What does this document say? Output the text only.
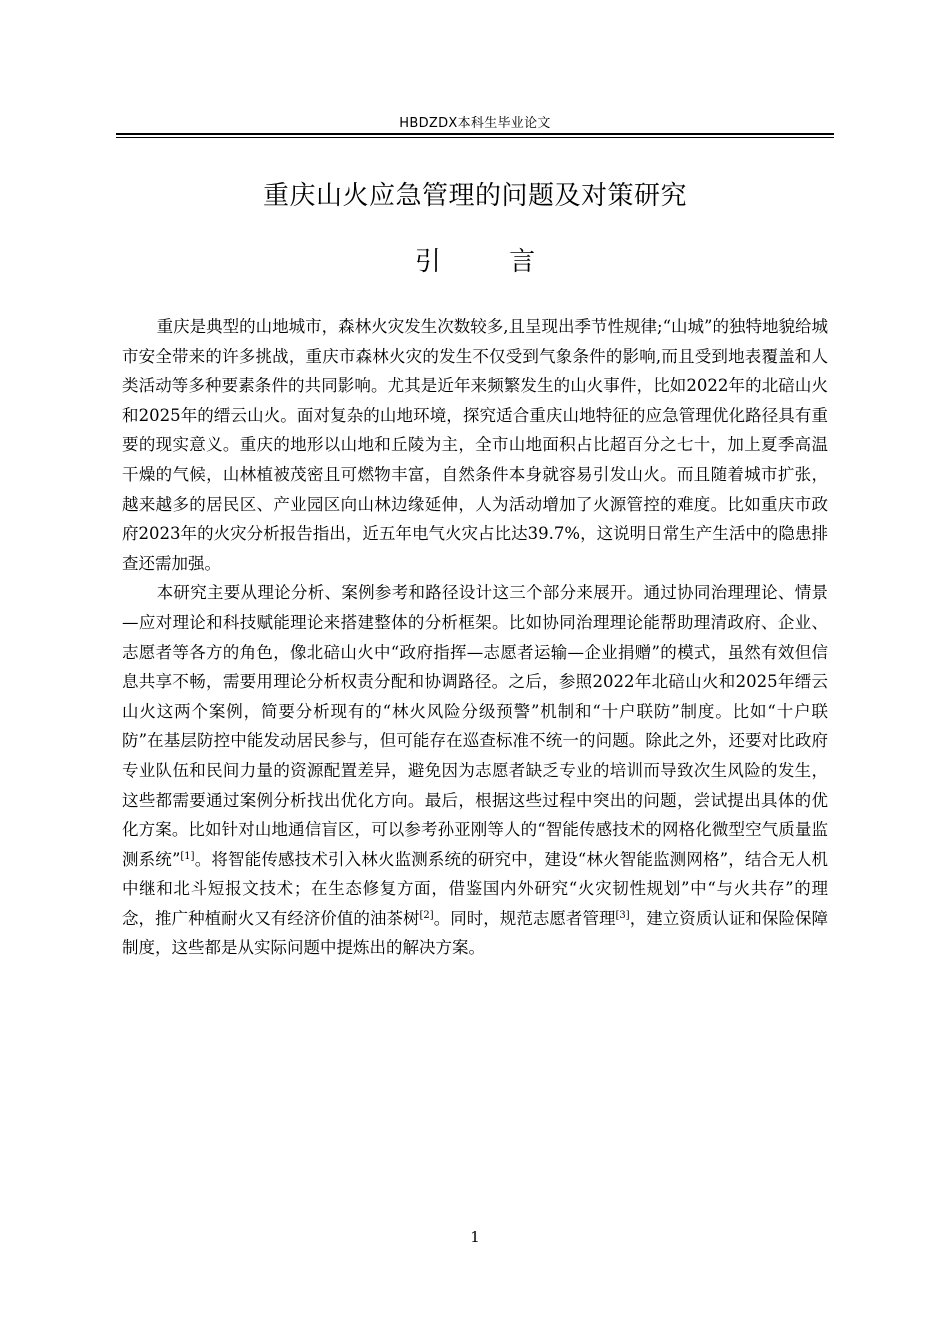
HBDZDX本科生毕业论文
重庆山火应急管理的问题及对策研究
引 言

重庆是典型的山地城市，森林火灾发生次数较多,且呈现出季节性规律;“山城”的独特地貌给城市安全带来的许多挑战，重庆市森林火灾的发生不仅受到气象条件的影响,而且受到地表覆盖和人类活动等多种要素条件的共同影响。尤其是近年来频繁发生的山火事件，比如2022年的北碚山火和2025年的缙云山火。面对复杂的山地环境，探究适合重庆山地特征的应急管理优化路径具有重要的现实意义。重庆的地形以山地和丘陵为主，全市山地面积占比超百分之七十，加上夏季高温干燥的气候，山林植被茂密且可燃物丰富，自然条件本身就容易引发山火。而且随着城市扩张，越来越多的居民区、产业园区向山林边缘延伸，人为活动增加了火源管控的难度。比如重庆市政府2023年的火灾分析报告指出，近五年电气火灾占比达39.7%，这说明日常生产生活中的隐患排查还需加强。

本研究主要从理论分析、案例参考和路径设计这三个部分来展开。通过协同治理理论、情景—应对理论和科技赋能理论来搭建整体的分析框架。比如协同治理理论能帮助理清政府、企业、志愿者等各方的角色，像北碚山火中“政府指挥—志愿者运输—企业捐赠”的模式，虽然有效但信息共享不畅，需要用理论分析权责分配和协调路径。之后，参照2022年北碚山火和2025年缙云山火这两个案例，简要分析现有的“林火风险分级预警”机制和“十户联防”制度。比如“十户联防”在基层防控中能发动居民参与，但可能存在巡查标准不统一的问题。除此之外，还要对比政府专业队伍和民间力量的资源配置差异，避免因为志愿者缺乏专业的培训而导致次生风险的发生，这些都需要通过案例分析找出优化方向。最后，根据这些过程中突出的问题，尝试提出具体的优化方案。比如针对山地通信盲区，可以参考孙亚刚等人的“智能传感技术的网格化微型空气质量监测系统”[1]。将智能传感技术引入林火监测系统的研究中，建设“林火智能监测网格”，结合无人机中继和北斗短报文技术；在生态修复方面，借鉴国内外研究“火灾韧性规划”中“与火共存”的理念，推广种植耐火又有经济价值的油茶树[2]。同时，规范志愿者管理[3]，建立资质认证和保险保障制度，这些都是从实际问题中提炼出的解决方案。

1
